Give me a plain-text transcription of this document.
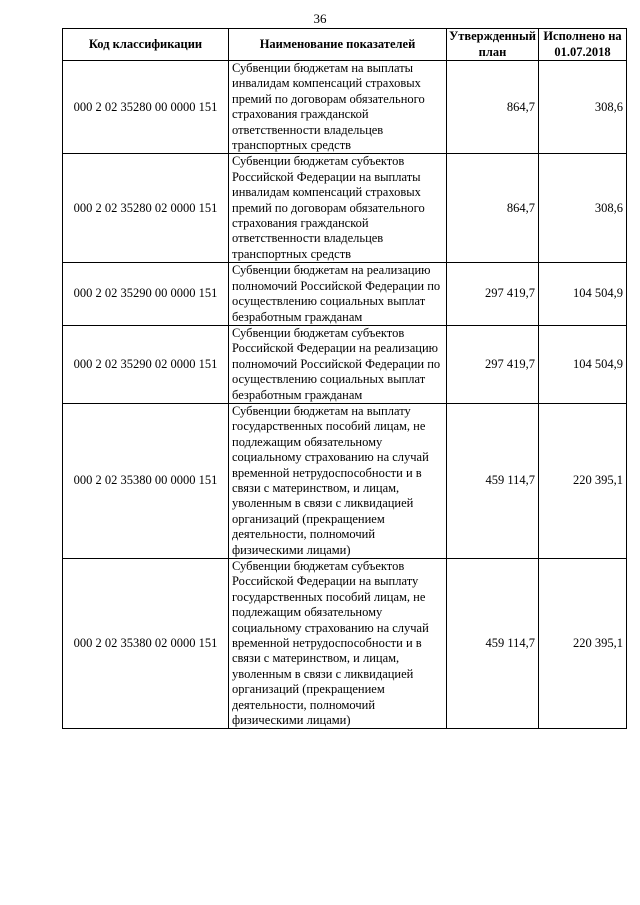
36
Код классификации	Наименование показателей	Утвержденный план	Исполнено на 01.07.2018
000 2 02 35280 00 0000 151	Субвенции бюджетам на выплаты инвалидам компенсаций страховых премий по договорам обязательного страхования гражданской ответственности владельцев транспортных средств	864,7	308,6
000 2 02 35280 02 0000 151	Субвенции бюджетам субъектов Российской Федерации на выплаты инвалидам компенсаций страховых премий по договорам обязательного страхования гражданской ответственности владельцев транспортных средств	864,7	308,6
000 2 02 35290 00 0000 151	Субвенции бюджетам на реализацию полномочий Российской Федерации по осуществлению социальных выплат безработным гражданам	297 419,7	104 504,9
000 2 02 35290 02 0000 151	Субвенции бюджетам субъектов Российской Федерации на реализацию полномочий Российской Федерации по осуществлению социальных выплат безработным гражданам	297 419,7	104 504,9
000 2 02 35380 00 0000 151	Субвенции бюджетам на выплату государственных пособий лицам, не подлежащим обязательному социальному страхованию на случай временной нетрудоспособности и в связи с материнством, и лицам, уволенным в связи с ликвидацией организаций (прекращением деятельности, полномочий физическими лицами)	459 114,7	220 395,1
000 2 02 35380 02 0000 151	Субвенции бюджетам субъектов Российской Федерации на выплату государственных пособий лицам, не подлежащим обязательному социальному страхованию на случай временной нетрудоспособности и в связи с материнством, и лицам, уволенным в связи с ликвидацией организаций (прекращением деятельности, полномочий физическими лицами)	459 114,7	220 395,1
